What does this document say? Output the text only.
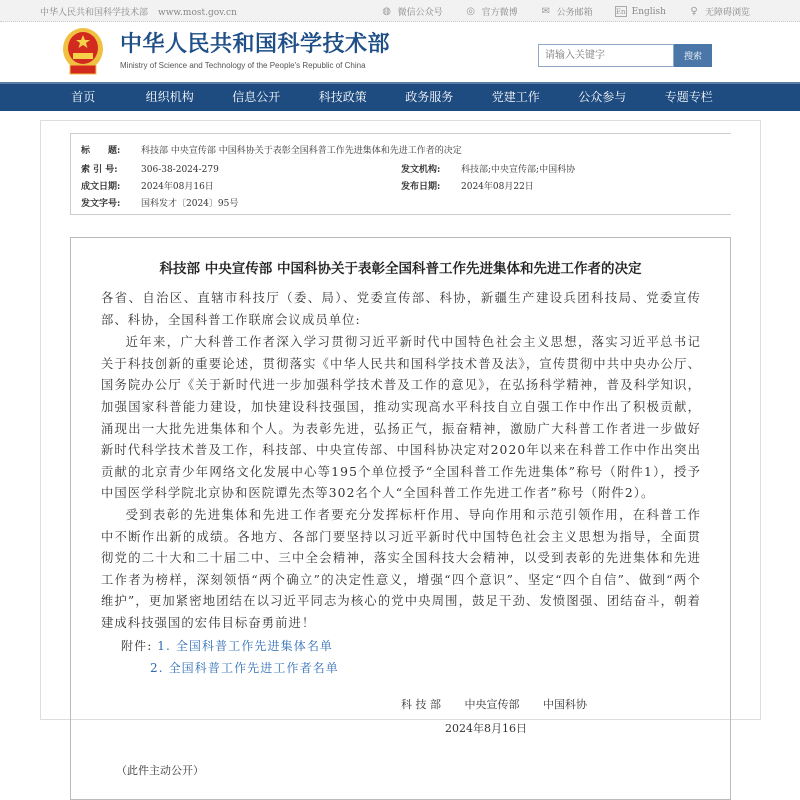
中华人民共和国科学技术部 www.most.gov.cn	◍ 微信公众号 ◎ 官方微博 ✉ 公务邮箱	En English ♀ 无障碍浏览
中华人民共和国科学技术部
Ministry of Science and Technology of the People's Republic of China
请输入关键字
搜索
首页	组织机构	信息公开	科技政策	政务服务	党建工作	公众参与	专题专栏
标　　题: 科技部 中央宣传部 中国科协关于表彰全国科普工作先进集体和先进工作者的决定
索 引 号:	306-38-2024-279	发文机构: 科技部;中央宣传部;中国科协
成文日期: 2024年08月16日	发布日期: 2024年08月22日
发文字号: 国科发才〔2024〕95号
科技部 中央宣传部 中国科协关于表彰全国科普工作先进集体和先进工作者的决定

各省、自治区、直辖市科技厅（委、局）、党委宣传部、科协，新疆生产建设兵团科技局、党委宣传部、科协，全国科普工作联席会议成员单位:

近年来，广大科普工作者深入学习贯彻习近平新时代中国特色社会主义思想，落实习近平总书记关于科技创新的重要论述，贯彻落实《中华人民共和国科学技术普及法》，宣传贯彻中共中央办公厅、国务院办公厅《关于新时代进一步加强科学技术普及工作的意见》，在弘扬科学精神，普及科学知识，加强国家科普能力建设，加快建设科技强国，推动实现高水平科技自立自强工作中作出了积极贡献，涌现出一大批先进集体和个人。为表彰先进，弘扬正气，振奋精神，激励广大科普工作者进一步做好新时代科学技术普及工作，科技部、中央宣传部、中国科协决定对2020年以来在科普工作中作出突出贡献的北京青少年网络文化发展中心等195个单位授予“全国科普工作先进集体”称号（附件1），授予中国医学科学院北京协和医院谭先杰等302名个人“全国科普工作先进工作者”称号（附件2）。

受到表彰的先进集体和先进工作者要充分发挥标杆作用、导向作用和示范引领作用，在科普工作中不断作出新的成绩。各地方、各部门要坚持以习近平新时代中国特色社会主义思想为指导，全面贯彻党的二十大和二十届二中、三中全会精神，落实全国科技大会精神，以受到表彰的先进集体和先进工作者为榜样，深刻领悟“两个确立”的决定性意义，增强“四个意识”、坚定“四个自信”、做到“两个维护”，更加紧密地团结在以习近平同志为核心的党中央周围，鼓足干劲、发愤图强、团结奋斗，朝着建成科技强国的宏伟目标奋勇前进！

附件: 1. 全国科普工作先进集体名单
2. 全国科普工作先进工作者名单
科 技 部 中央宣传部 中国科协
2024年8月16日
（此件主动公开）
